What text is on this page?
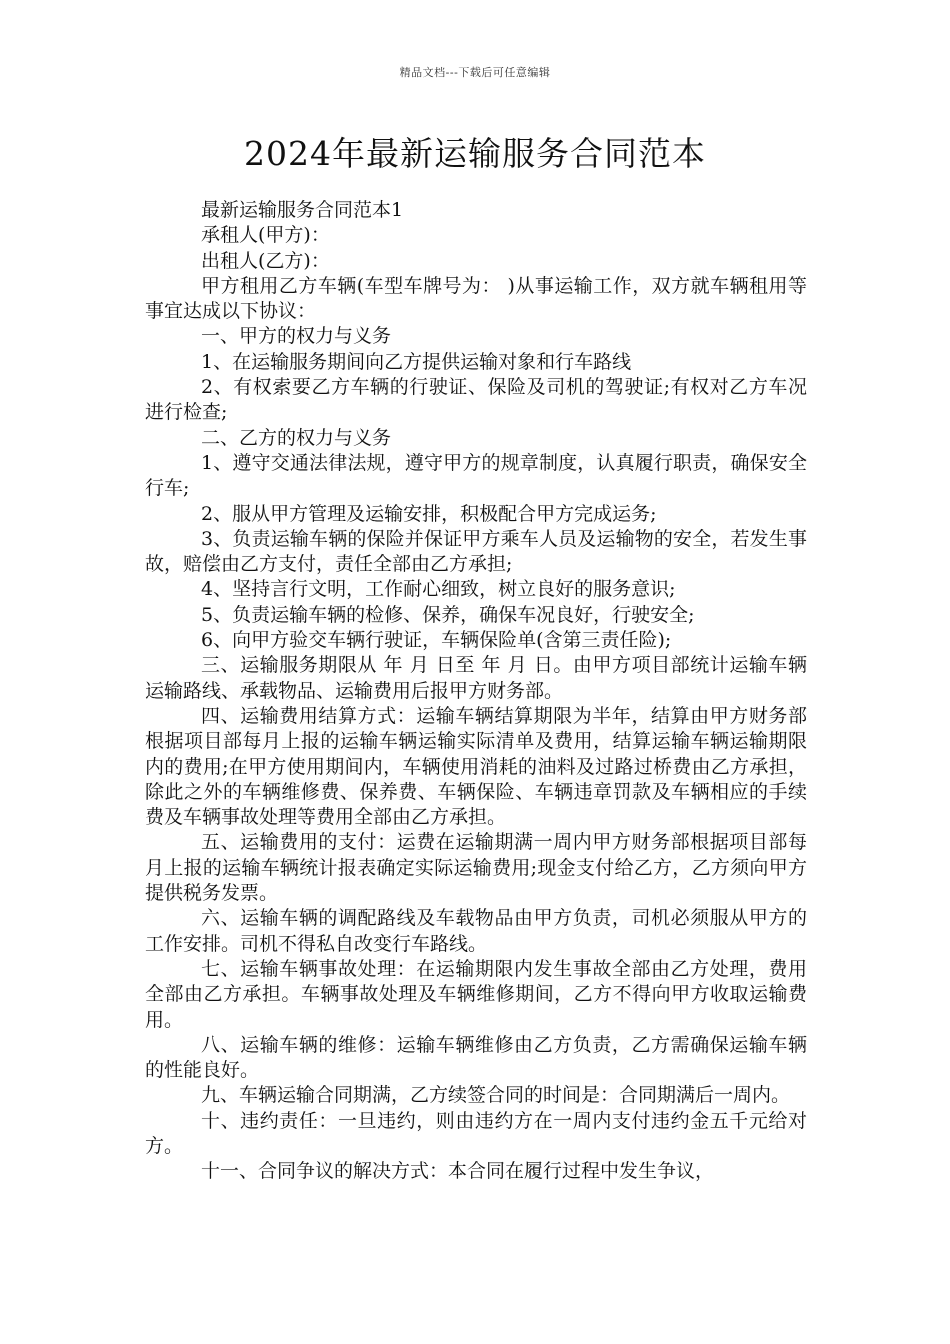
精品文档---下载后可任意编辑
2024年最新运输服务合同范本

最新运输服务合同范本1

承租人(甲方)：

出租人(乙方)：

甲方租用乙方车辆(车型车牌号为： )从事运输工作，双方就车辆租用等事宜达成以下协议：

一、甲方的权力与义务

1、在运输服务期间向乙方提供运输对象和行车路线

2、有权索要乙方车辆的行驶证、保险及司机的驾驶证;有权对乙方车况进行检查;

二、乙方的权力与义务

1、遵守交通法律法规，遵守甲方的规章制度，认真履行职责，确保安全行车;

2、服从甲方管理及运输安排，积极配合甲方完成运务;

3、负责运输车辆的保险并保证甲方乘车人员及运输物的安全，若发生事故，赔偿由乙方支付，责任全部由乙方承担;

4、坚持言行文明，工作耐心细致，树立良好的服务意识;

5、负责运输车辆的检修、保养，确保车况良好，行驶安全;

6、向甲方验交车辆行驶证，车辆保险单(含第三责任险);

三、运输服务期限从 年 月 日至 年 月 日。由甲方项目部统计运输车辆运输路线、承载物品、运输费用后报甲方财务部。

四、运输费用结算方式：运输车辆结算期限为半年，结算由甲方财务部根据项目部每月上报的运输车辆运输实际清单及费用，结算运输车辆运输期限内的费用;在甲方使用期间内，车辆使用消耗的油料及过路过桥费由乙方承担，除此之外的车辆维修费、保养费、车辆保险、车辆违章罚款及车辆相应的手续费及车辆事故处理等费用全部由乙方承担。

五、运输费用的支付：运费在运输期满一周内甲方财务部根据项目部每月上报的运输车辆统计报表确定实际运输费用;现金支付给乙方，乙方须向甲方提供税务发票。

六、运输车辆的调配路线及车载物品由甲方负责，司机必须服从甲方的工作安排。司机不得私自改变行车路线。

七、运输车辆事故处理：在运输期限内发生事故全部由乙方处理，费用全部由乙方承担。车辆事故处理及车辆维修期间，乙方不得向甲方收取运输费用。

八、运输车辆的维修：运输车辆维修由乙方负责，乙方需确保运输车辆的性能良好。

九、车辆运输合同期满，乙方续签合同的时间是：合同期满后一周内。

十、违约责任：一旦违约，则由违约方在一周内支付违约金五千元给对方。

十一、合同争议的解决方式：本合同在履行过程中发生争议，
